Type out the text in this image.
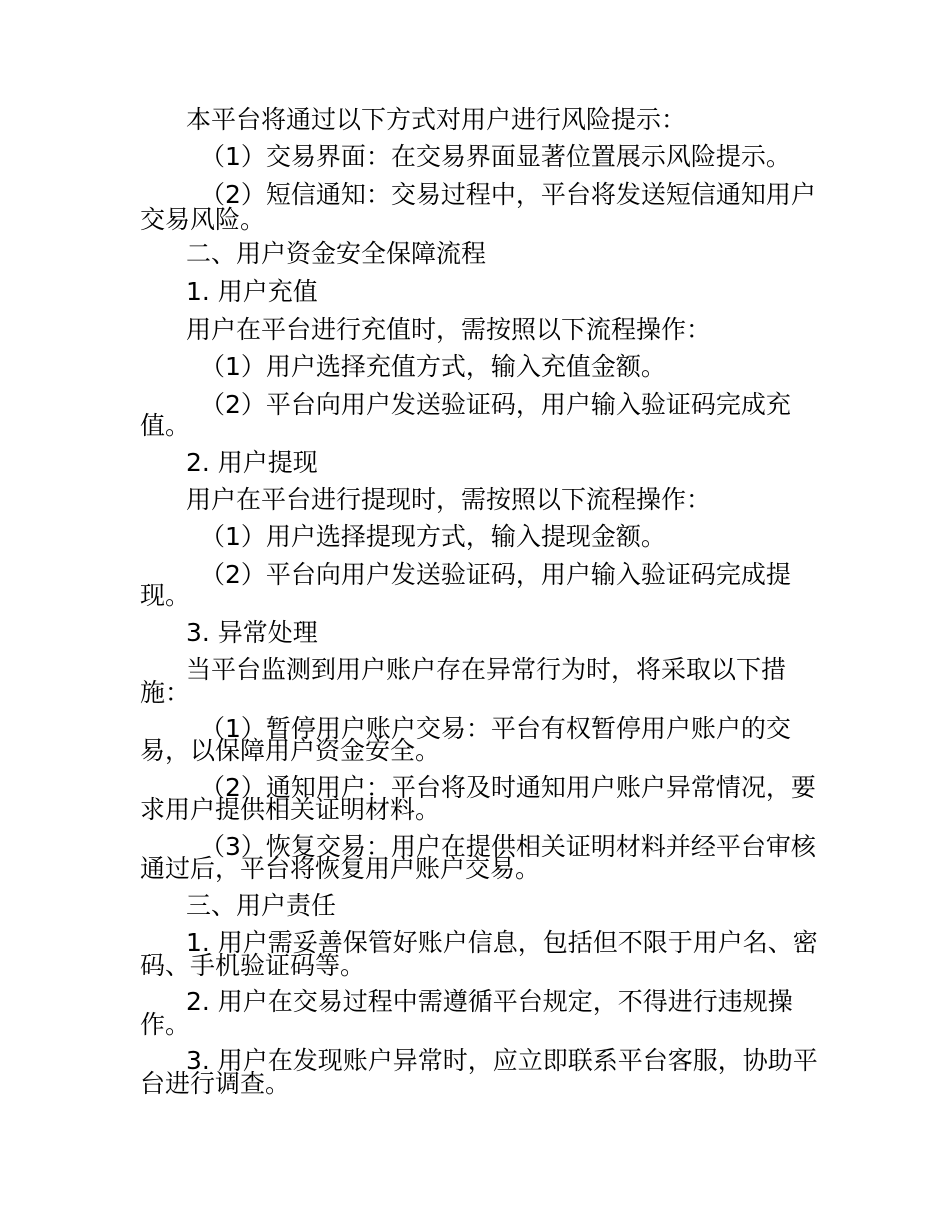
本平台将通过以下方式对用户进行风险提示：

（1）交易界面：在交易界面显著位置展示风险提示。

（2）短信通知：交易过程中，平台将发送短信通知用户

交易风险。

二、用户资金安全保障流程

1. 用户充值

用户在平台进行充值时，需按照以下流程操作：

（1）用户选择充值方式，输入充值金额。

（2）平台向用户发送验证码，用户输入验证码完成充

值。

2. 用户提现

用户在平台进行提现时，需按照以下流程操作：

（1）用户选择提现方式，输入提现金额。

（2）平台向用户发送验证码，用户输入验证码完成提

现。

3. 异常处理

当平台监测到用户账户存在异常行为时，将采取以下措

施：

（1）暂停用户账户交易：平台有权暂停用户账户的交

易，以保障用户资金安全。

（2）通知用户：平台将及时通知用户账户异常情况，要

求用户提供相关证明材料。

（3）恢复交易：用户在提供相关证明材料并经平台审核

通过后，平台将恢复用户账户交易。

三、用户责任

1. 用户需妥善保管好账户信息，包括但不限于用户名、密

码、手机验证码等。

2. 用户在交易过程中需遵循平台规定，不得进行违规操

作。

3. 用户在发现账户异常时，应立即联系平台客服，协助平

台进行调查。
